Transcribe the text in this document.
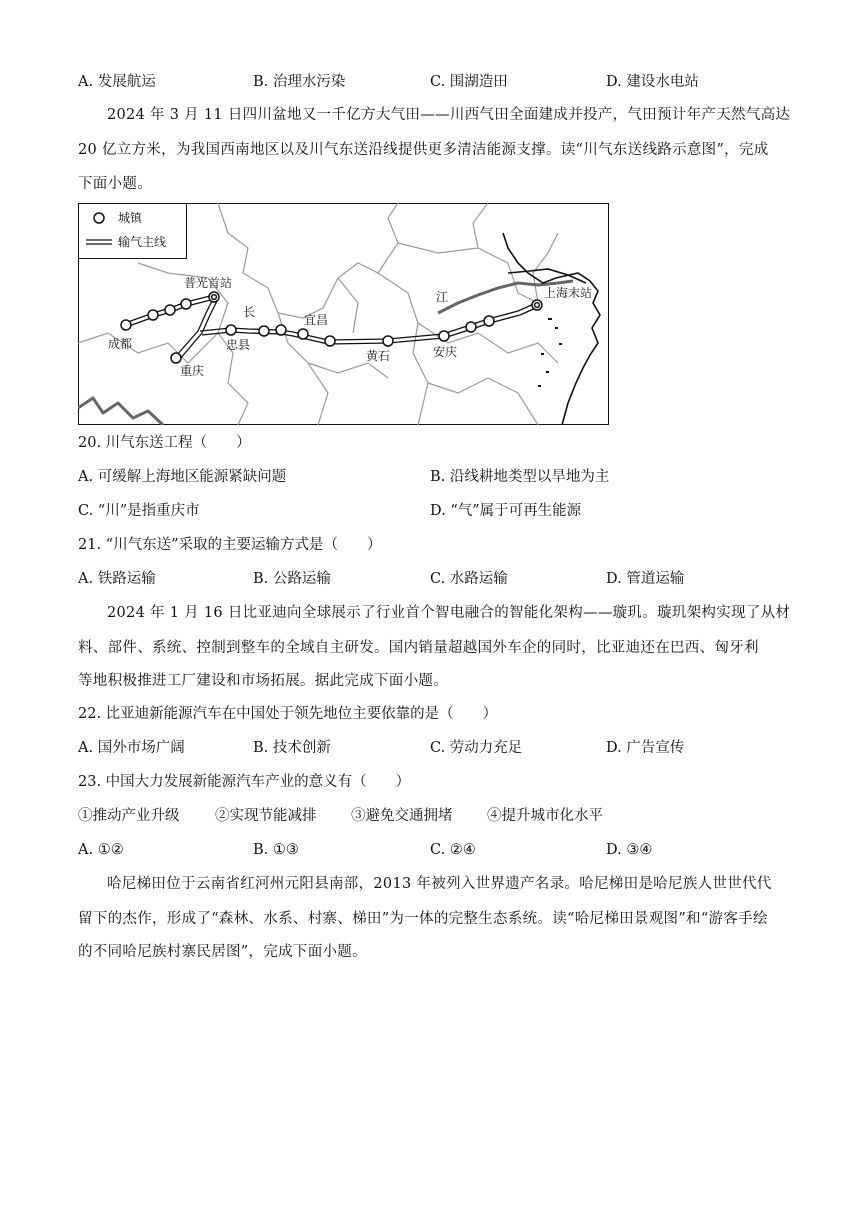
A. 发展航运	B. 治理水污染	C. 围湖造田	D. 建设水电站
2024 年 3 月 11 日四川盆地又一千亿方大气田——川西气田全面建成并投产，气田预计年产天然气高达
20 亿立方米，为我国西南地区以及川气东送沿线提供更多清洁能源支撑。读“川气东送线路示意图”，完成
下面小题。
城镇
输气主线
成都
普光首站
长
忠县
重庆
宜昌
黄石	安庆
江	上海末站
20. 川气东送工程（　　）
A. 可缓解上海地区能源紧缺问题	B. 沿线耕地类型以旱地为主
C. “川”是指重庆市	D. “气”属于可再生能源
21. “川气东送”采取的主要运输方式是（　　）
A. 铁路运输	B. 公路运输	C. 水路运输	D. 管道运输
2024 年 1 月 16 日比亚迪向全球展示了行业首个智电融合的智能化架构——璇玑。璇玑架构实现了从材
料、部件、系统、控制到整车的全域自主研发。国内销量超越国外车企的同时，比亚迪还在巴西、匈牙利
等地积极推进工厂建设和市场拓展。据此完成下面小题。
22. 比亚迪新能源汽车在中国处于领先地位主要依靠的是（　　）
A. 国外市场广阔	B. 技术创新	C. 劳动力充足	D. 广告宣传
23. 中国大力发展新能源汽车产业的意义有（　　）
①推动产业升级 ②实现节能减排 ③避免交通拥堵 ④提升城市化水平
A. ①②	B. ①③	C. ②④	D. ③④
哈尼梯田位于云南省红河州元阳县南部，2013 年被列入世界遗产名录。哈尼梯田是哈尼族人世世代代
留下的杰作，形成了“森林、水系、村寨、梯田”为一体的完整生态系统。读“哈尼梯田景观图”和“游客手绘
的不同哈尼族村寨民居图”，完成下面小题。
